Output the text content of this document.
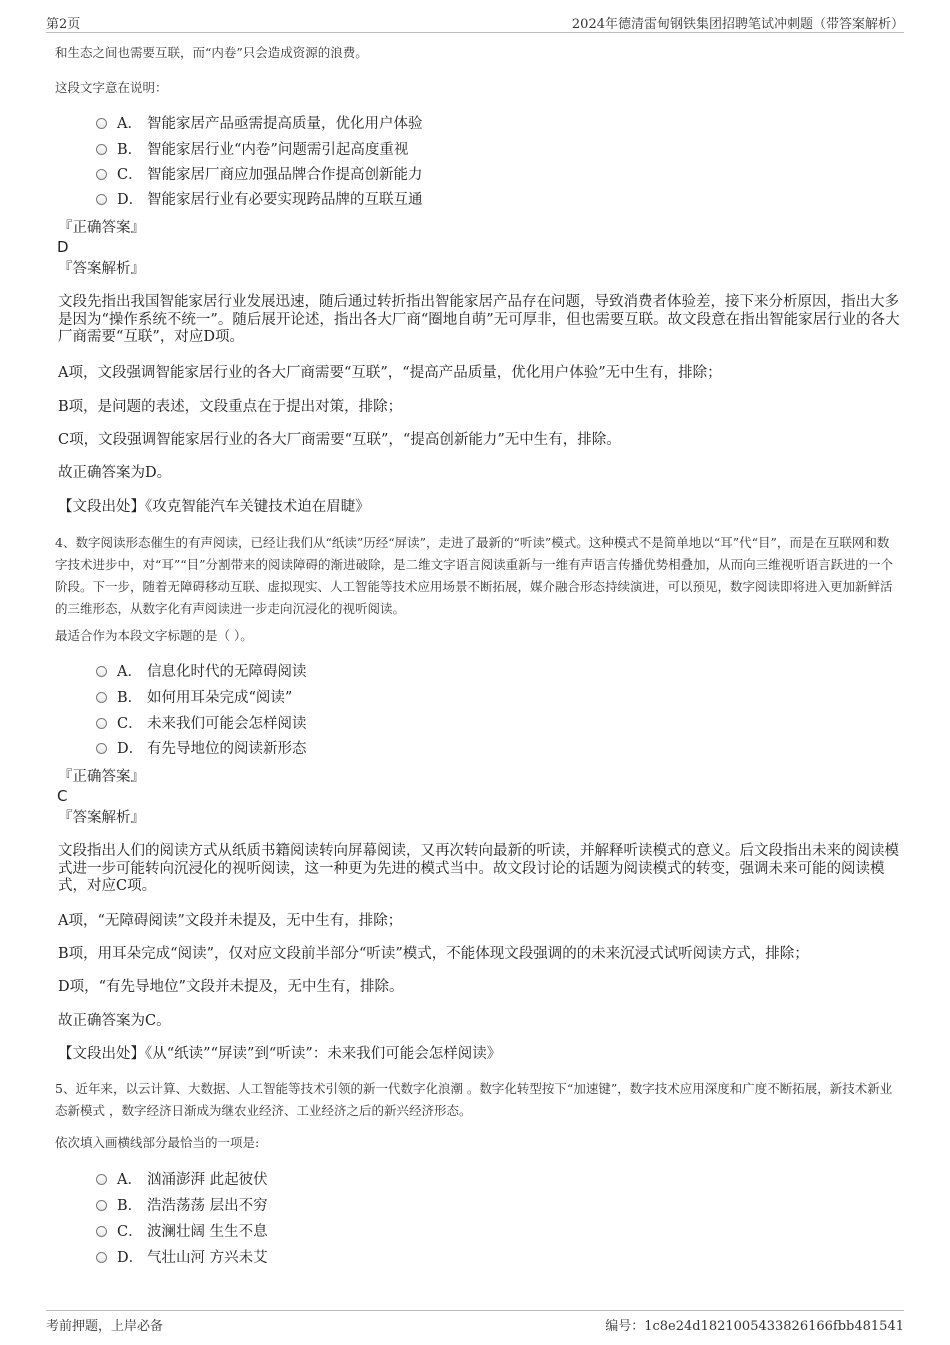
第2页	2024年德清雷甸钢铁集团招聘笔试冲刺题（带答案解析）
和生态之间也需要互联，而“内卷”只会造成资源的浪费。
这段文字意在说明：
A． 智能家居产品亟需提高质量，优化用户体验
B． 智能家居行业“内卷”问题需引起高度重视
C． 智能家居厂商应加强品牌合作提高创新能力
D． 智能家居行业有必要实现跨品牌的互联互通
『正确答案』
D
『答案解析』
文段先指出我国智能家居行业发展迅速，随后通过转折指出智能家居产品存在问题，导致消费者体验差，接下来分析原因，指出大多是因为“操作系统不统一”。随后展开论述，指出各大厂商“圈地自萌”无可厚非，但也需要互联。故文段意在指出智能家居行业的各大厂商需要“互联”，对应D项。
A项，文段强调智能家居行业的各大厂商需要“互联”，“提高产品质量，优化用户体验”无中生有，排除；
B项，是问题的表述，文段重点在于提出对策，排除；
C项，文段强调智能家居行业的各大厂商需要“互联”，“提高创新能力”无中生有，排除。
故正确答案为D。
【文段出处】《攻克智能汽车关键技术迫在眉睫》
4、数字阅读形态催生的有声阅读，已经让我们从“纸读”历经“屏读”，走进了最新的“听读”模式。这种模式不是简单地以“耳”代“目”，而是在互联网和数字技术进步中，对“耳”“目”分割带来的阅读障碍的渐进破除，是二维文字语言阅读重新与一维有声语言传播优势相叠加，从而向三维视听语言跃进的一个阶段。下一步，随着无障碍移动互联、虚拟现实、人工智能等技术应用场景不断拓展，媒介融合形态持续演进，可以预见，数字阅读即将进入更加新鲜活的三维形态，从数字化有声阅读进一步走向沉浸化的视听阅读。
最适合作为本段文字标题的是（ ）。
A． 信息化时代的无障碍阅读
B． 如何用耳朵完成“阅读”
C． 未来我们可能会怎样阅读
D． 有先导地位的阅读新形态
『正确答案』
C
『答案解析』
文段指出人们的阅读方式从纸质书籍阅读转向屏幕阅读，又再次转向最新的听读，并解释听读模式的意义。后文段指出未来的阅读模式进一步可能转向沉浸化的视听阅读，这一种更为先进的模式当中。故文段讨论的话题为阅读模式的转变，强调未来可能的阅读模式，对应C项。
A项，“无障碍阅读”文段并未提及，无中生有，排除；
B项，用耳朵完成“阅读”，仅对应文段前半部分“听读”模式，不能体现文段强调的的未来沉浸式试听阅读方式，排除；
D项，“有先导地位”文段并未提及，无中生有，排除。
故正确答案为C。
【文段出处】《从“纸读”“屏读”到“听读”：未来我们可能会怎样阅读》
5、近年来，以云计算、大数据、人工智能等技术引领的新一代数字化浪潮 。数字化转型按下“加速键”，数字技术应用深度和广度不断拓展，新技术新业态新模式 ，数字经济日渐成为继农业经济、工业经济之后的新兴经济形态。
依次填入画横线部分最恰当的一项是:
A． 汹涌澎湃 此起彼伏
B． 浩浩荡荡 层出不穷
C． 波澜壮阔 生生不息
D． 气壮山河 方兴未艾
考前押题，上岸必备	编号：1c8e24d1821005433826166fbb481541
